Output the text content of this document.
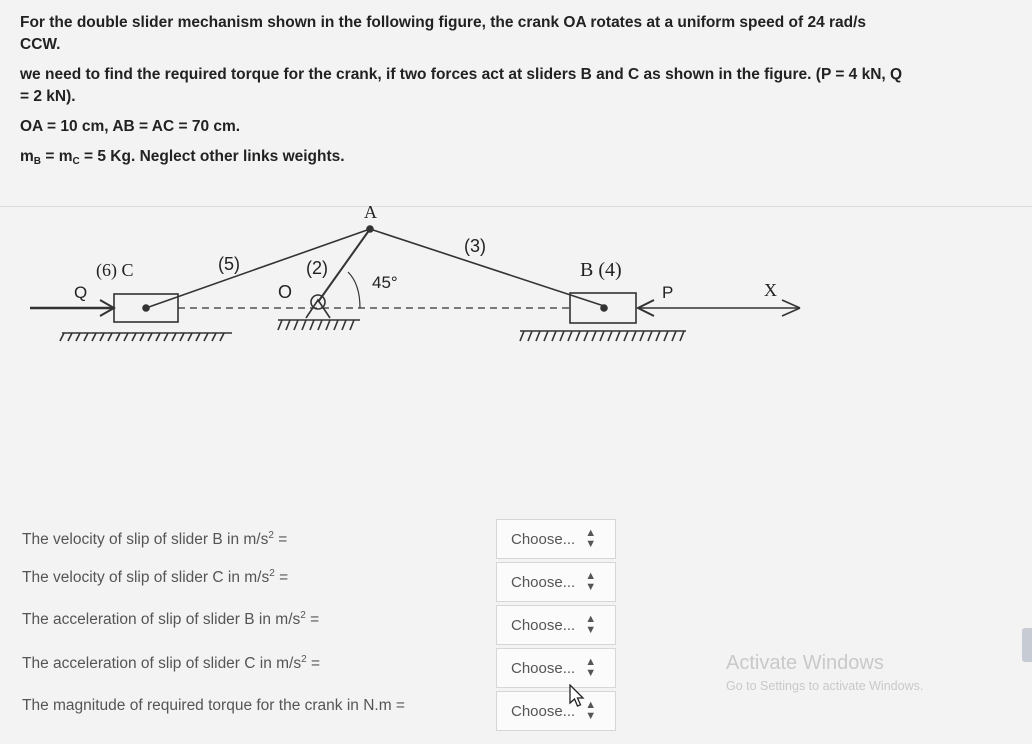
For the double slider mechanism shown in the following figure, the crank OA rotates at a uniform speed of 24 rad/s

CCW.

we need to find the required torque for the crank, if two forces act at sliders B and C as shown in the figure. (P = 4 kN, Q

= 2 kN).

OA = 10 cm, AB = AC = 70 cm.

$m_B = m_C = 5$ Kg. Neglect other links weights.

A
O
(6) C	(5)	(2)
(3)
B (4)
P
Q	X
45°
The velocity of slip of slider B in $m/s^2$ =	Choose... ▲
▼
The velocity of slip of slider C in $m/s^2$ =	Choose... ▲
▼
The acceleration of slip of slider B in $m/s^2$ =	Choose... ▲
▼
The acceleration of slip of slider C in $m/s^2$ =	Choose... ▲
▼
The magnitude of required torque for the crank in N.m =	Choose... ▲
▼
Activate Windows
Go to Settings to activate Windows.
